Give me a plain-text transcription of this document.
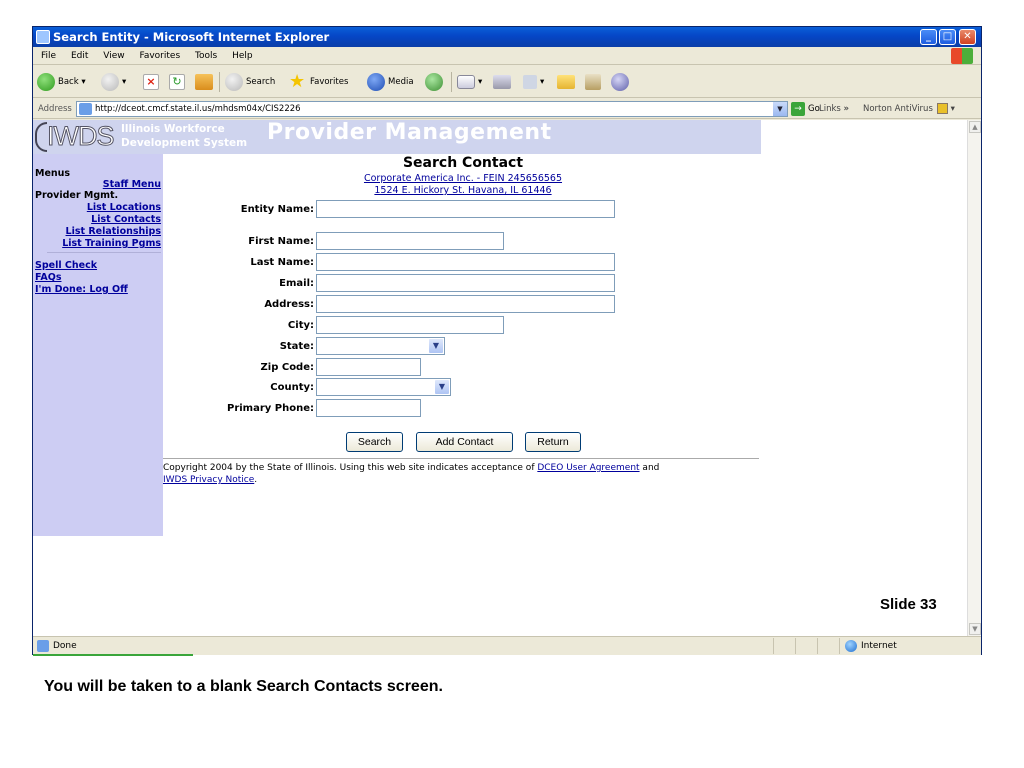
Search Entity - Microsoft Internet Explorer	_	□	✕
File Edit View Favorites Tools Help
Back ▾	▾	×	↻	Search ★ Favorites	Media	▾	▾
Address	http://dceot.cmcf.state.il.us/mhdsm04x/CIS2226	▼	→ Go Links » Norton AntiVirus ▾
IWDS Illinois Workforce
Development System Provider Management
Menus
Staff Menu
Provider Mgmt.
List Locations
List Contacts
List Relationships
List Training Pgms
Spell Check
FAQs
I'm Done: Log Off
Search Contact
Corporate America Inc. - FEIN 245656565
1524 E. Hickory St. Havana, IL 61446
Entity Name:
First Name:
Last Name:
Email:
Address:
City:
State:	▼
Zip Code:
County:	▼
Primary Phone:
Search	Add Contact	Return
Copyright 2004 by the State of Illinois. Using this web site indicates acceptance of DCEO User Agreement and
IWDS Privacy Notice.
▲
▼
Done	Internet
Slide 33
You will be taken to a blank Search Contacts screen.
